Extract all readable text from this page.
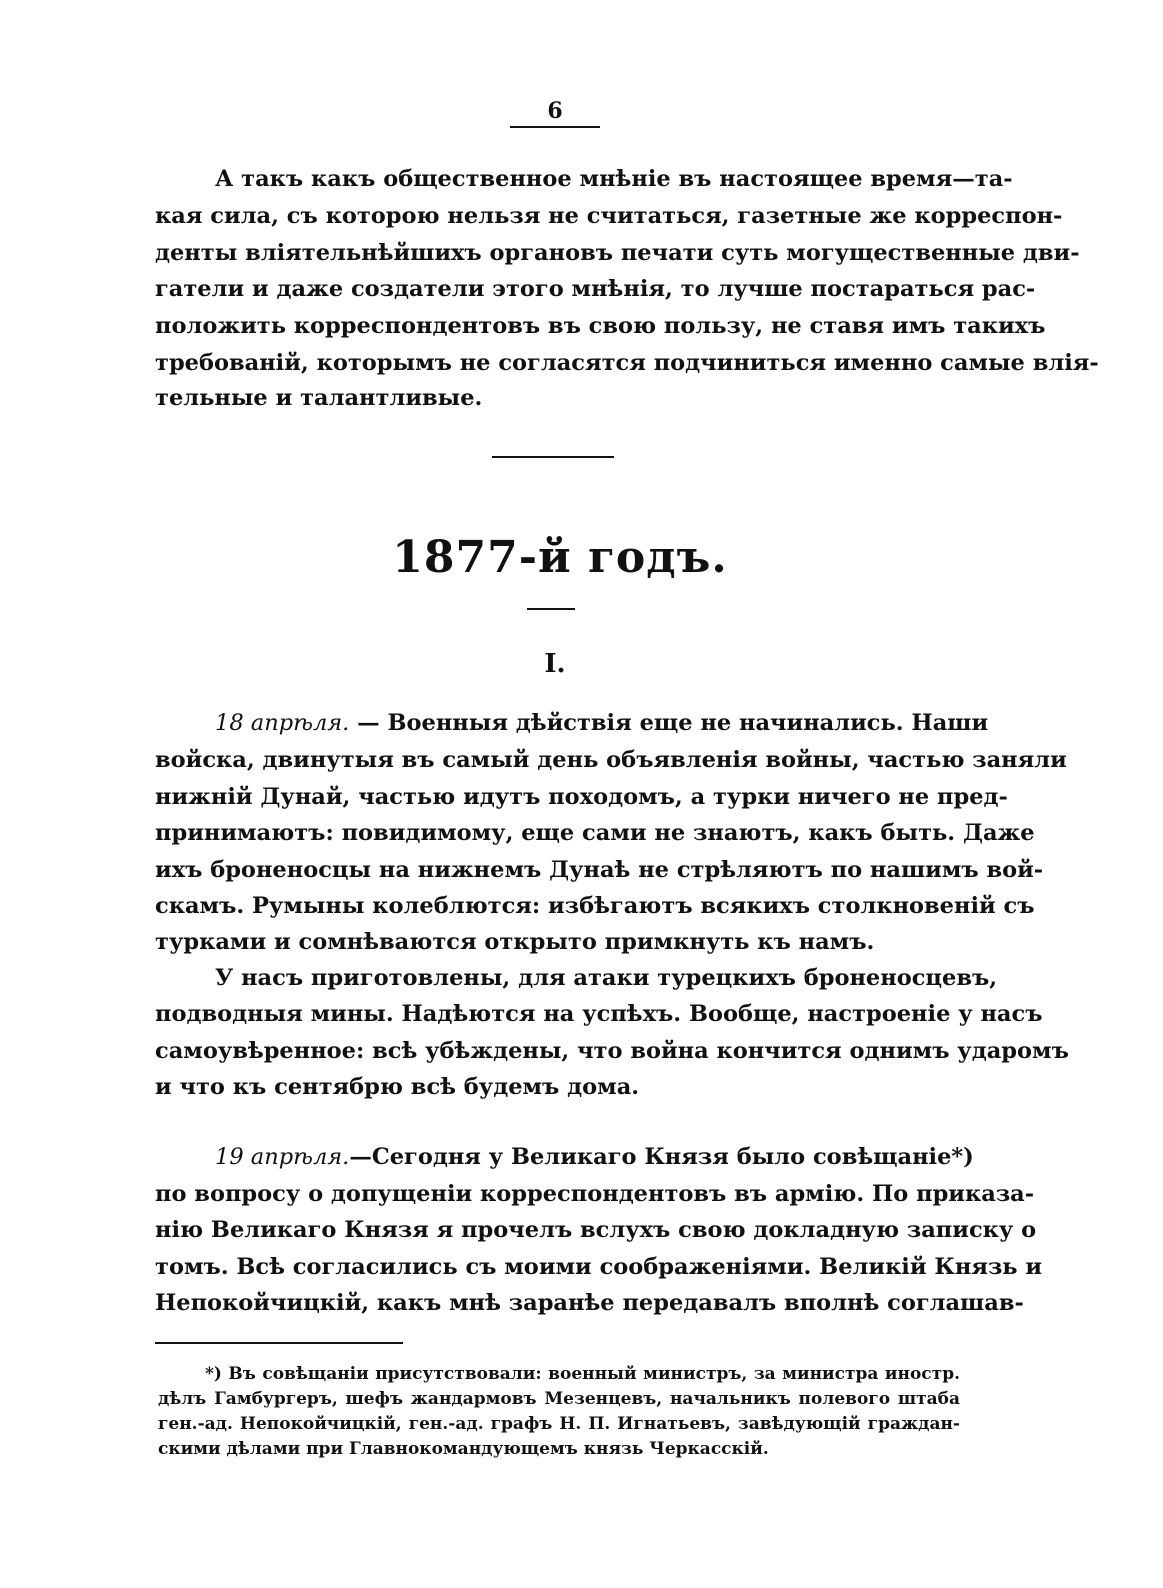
6
А такъ какъ общественное мнѣніе въ настоящее время—та-
кая сила, съ которою нельзя не считаться, газетные же корреспон-
денты вліятельнѣйшихъ органовъ печати суть могущественные дви-
гатели и даже создатели этого мнѣнія, то лучше постараться рас-
положить корреспондентовъ въ свою пользу, не ставя имъ такихъ
требованій, которымъ не согласятся подчиниться именно самые влія-
тельные и талантливые.
1877-й годъ.
I.
18 апрѣля. — Военныя дѣйствія еще не начинались. Наши
войска, двинутыя въ самый день объявленія войны, частью заняли
нижній Дунай, частью идутъ походомъ, а турки ничего не пред-
принимаютъ: повидимому, еще сами не знаютъ, какъ быть. Даже
ихъ броненосцы на нижнемъ Дунаѣ не стрѣляютъ по нашимъ вой-
скамъ. Румыны колеблются: избѣгаютъ всякихъ столкновеній съ
турками и сомнѣваются открыто примкнуть къ намъ.
У насъ приготовлены, для атаки турецкихъ броненосцевъ,
подводныя мины. Надѣются на успѣхъ. Вообще, настроеніе у насъ
самоувѣренное: всѣ убѣждены, что война кончится однимъ ударомъ
и что къ сентябрю всѣ будемъ дома.
19 апрѣля.—Сегодня у Великаго Князя было совѣщаніе*)
по вопросу о допущеніи корреспондентовъ въ армію. По приказа-
нію Великаго Князя я прочелъ вслухъ свою докладную записку о
томъ. Всѣ согласились съ моими соображеніями. Великій Князь и
Непокойчицкій, какъ мнѣ заранѣе передавалъ вполнѣ соглашав-
*) Въ совѣщаніи присутствовали: военный министръ, за министра иностр.
дѣлъ Гамбургеръ, шефъ жандармовъ Мезенцевъ, начальникъ полевого штаба
ген.-ад. Непокойчицкій, ген.-ад. графъ Н. П. Игнатьевъ, завѣдующій граждан-
скими дѣлами при Главнокомандующемъ князь Черкасскій.
